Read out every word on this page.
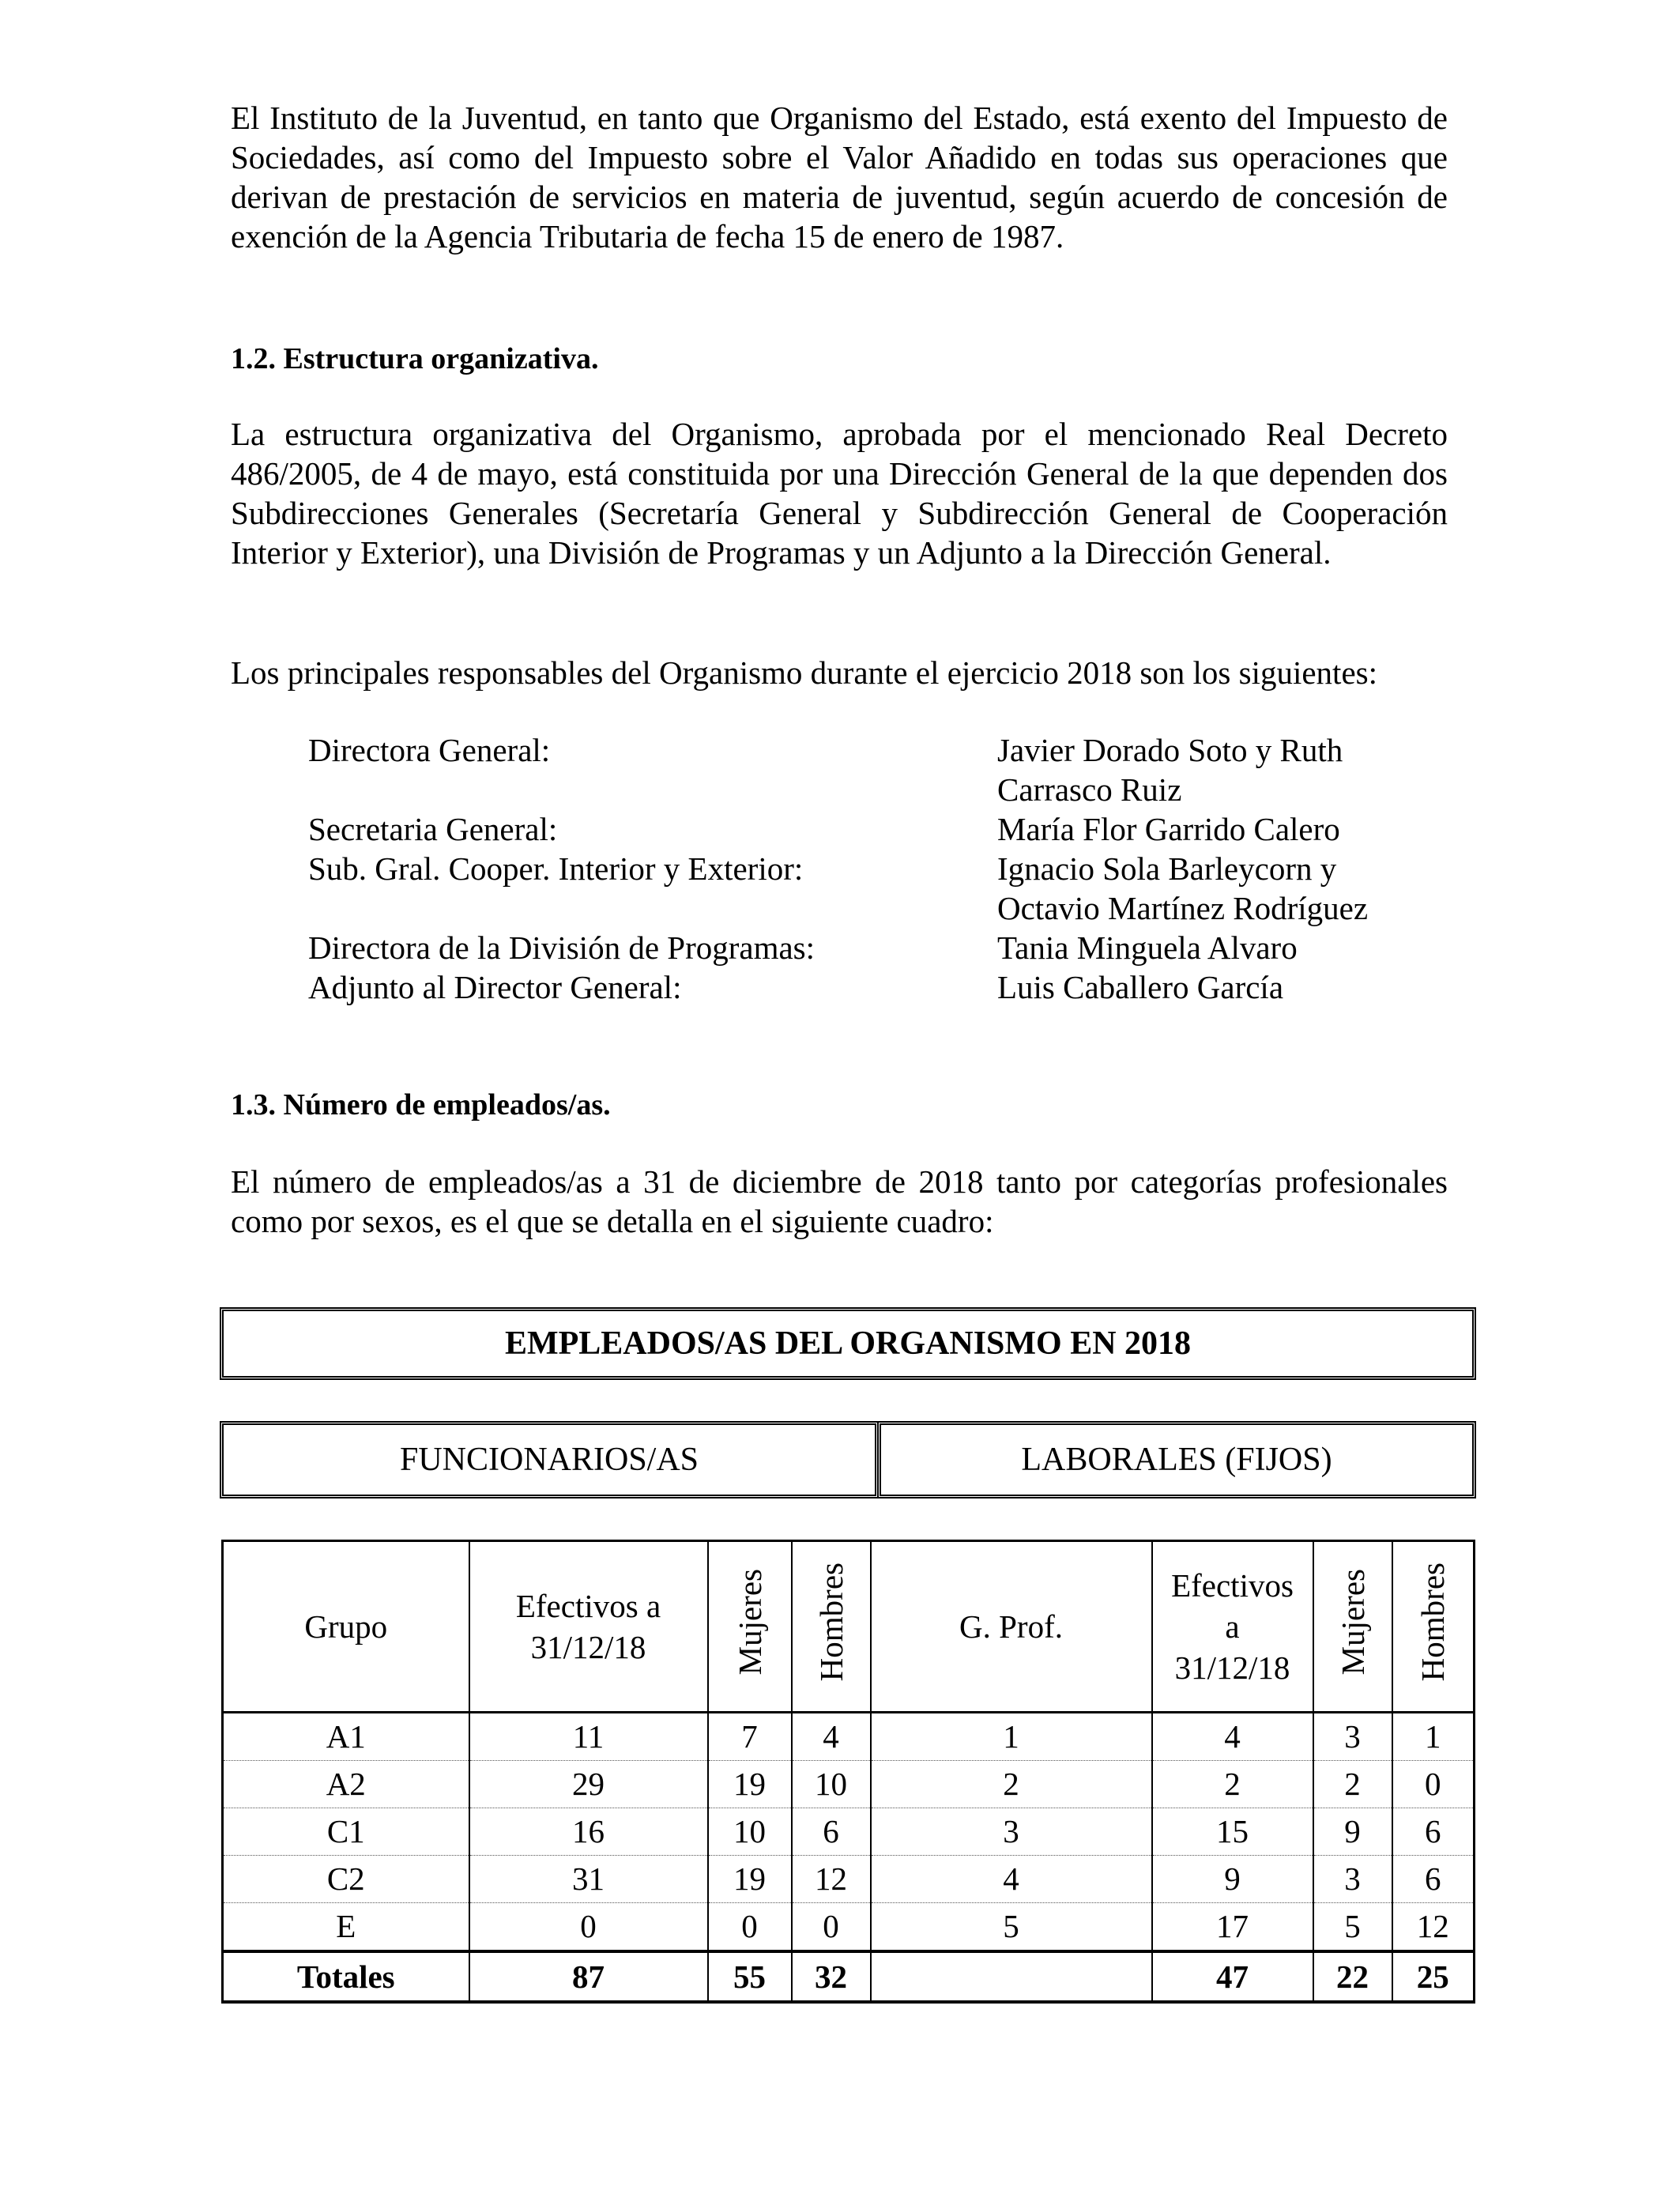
El Instituto de la Juventud, en tanto que Organismo del Estado, está exento del Impuesto de Sociedades, así como del Impuesto sobre el Valor Añadido en todas sus operaciones que derivan de prestación de servicios en materia de juventud, según acuerdo de concesión de exención de la Agencia Tributaria de fecha 15 de enero de 1987.

1.2. Estructura organizativa.

La estructura organizativa del Organismo, aprobada por el mencionado Real Decreto 486/2005, de 4 de mayo, está constituida por una Dirección General de la que dependen dos Subdirecciones Generales (Secretaría General y Subdirección General de Cooperación Interior y Exterior), una División de Programas y un Adjunto a la Dirección General.

Los principales responsables del Organismo durante el ejercicio 2018 son los siguientes:

Directora General:	Javier Dorado Soto y Ruth Carrasco Ruiz
Secretaria General:	María Flor Garrido Calero
Sub. Gral. Cooper. Interior y Exterior:	Ignacio Sola Barleycorn y Octavio Martínez Rodríguez
Directora de la División de Programas:	Tania Minguela Alvaro
Adjunto al Director General:	Luis Caballero García
1.3. Número de empleados/as.

El número de empleados/as a 31 de diciembre de 2018 tanto por categorías profesionales como por sexos, es el que se detalla en el siguiente cuadro:

EMPLEADOS/AS DEL ORGANISMO EN 2018
FUNCIONARIOS/AS	LABORALES (FIJOS)
Grupo	Efectivos a 31/12/18	Mujeres	Hombres	G. Prof.	Efectivos a 31/12/18	Mujeres	Hombres
A1	11	7	4	1	4	3	1
A2	29	19	10	2	2	2	0
C1	16	10	6	3	15	9	6
C2	31	19	12	4	9	3	6
E	0	0	0	5	17	5	12
Totales	87	55	32		47	22	25
